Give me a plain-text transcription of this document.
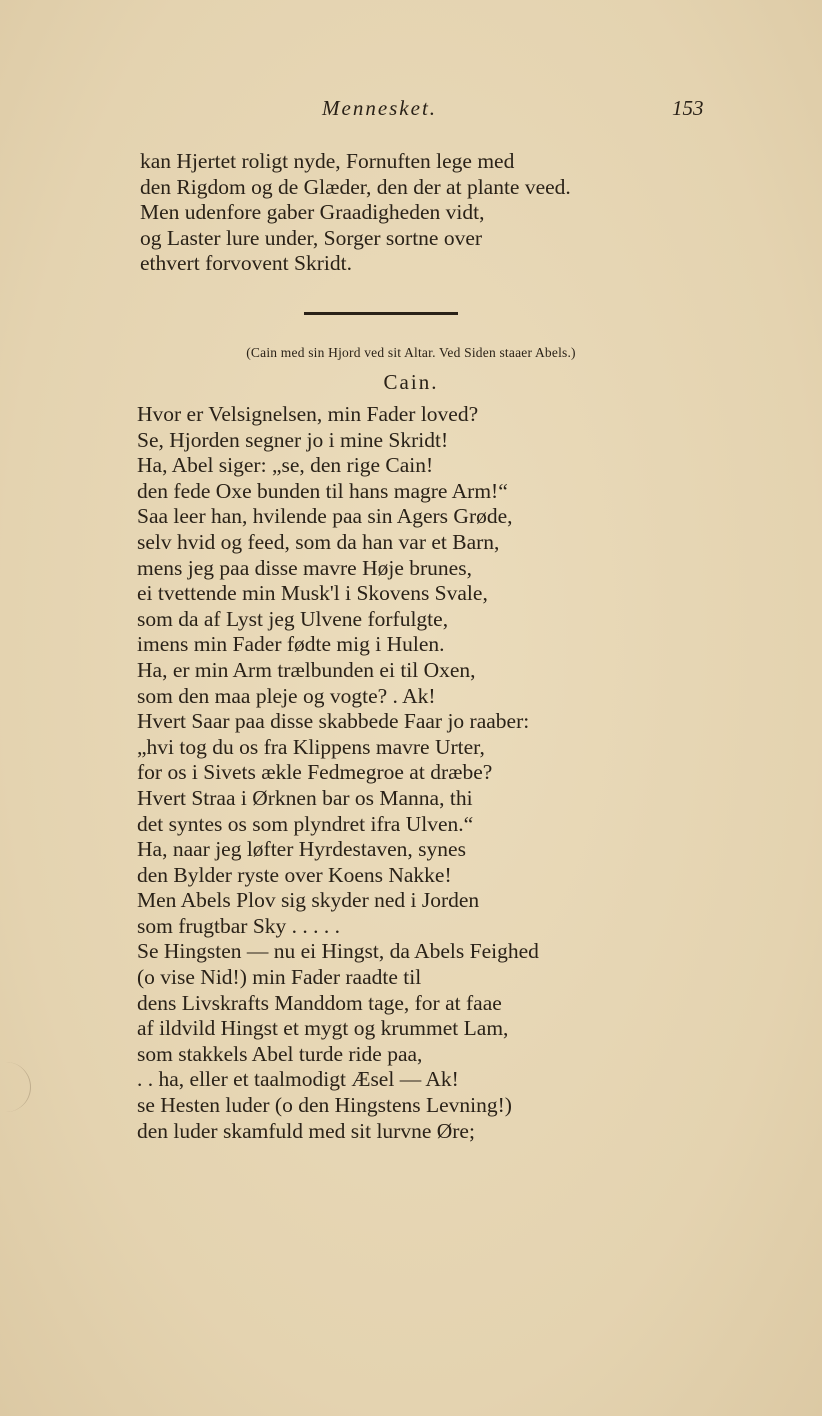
Mennesket.	153
kan Hjertet roligt nyde, Fornuften lege med
den Rigdom og de Glæder, den der at plante veed.
Men udenfore gaber Graadigheden vidt,
og Laster lure under, Sorger sortne over
ethvert forvovent Skridt.
(Cain med sin Hjord ved sit Altar. Ved Siden staaer Abels.)
Cain.
Hvor er Velsignelsen, min Fader loved?
Se, Hjorden segner jo i mine Skridt!
Ha, Abel siger: „se, den rige Cain!
den fede Oxe bunden til hans magre Arm!“
Saa leer han, hvilende paa sin Agers Grøde,
selv hvid og feed, som da han var et Barn,
mens jeg paa disse mavre Høje brunes,
ei tvettende min Musk'l i Skovens Svale,
som da af Lyst jeg Ulvene forfulgte,
imens min Fader fødte mig i Hulen.
Ha, er min Arm trælbunden ei til Oxen,
som den maa pleje og vogte? . Ak!
Hvert Saar paa disse skabbede Faar jo raaber:
„hvi tog du os fra Klippens mavre Urter,
for os i Sivets ækle Fedmegroe at dræbe?
Hvert Straa i Ørknen bar os Manna, thi
det syntes os som plyndret ifra Ulven.“
Ha, naar jeg løfter Hyrdestaven, synes
den Bylder ryste over Koens Nakke!
Men Abels Plov sig skyder ned i Jorden
som frugtbar Sky . . . . .
Se Hingsten — nu ei Hingst, da Abels Feighed
(o vise Nid!) min Fader raadte til
dens Livskrafts Manddom tage, for at faae
af ildvild Hingst et mygt og krummet Lam,
som stakkels Abel turde ride paa,
. . ha, eller et taalmodigt Æsel — Ak!
se Hesten luder (o den Hingstens Levning!)
den luder skamfuld med sit lurvne Øre;
